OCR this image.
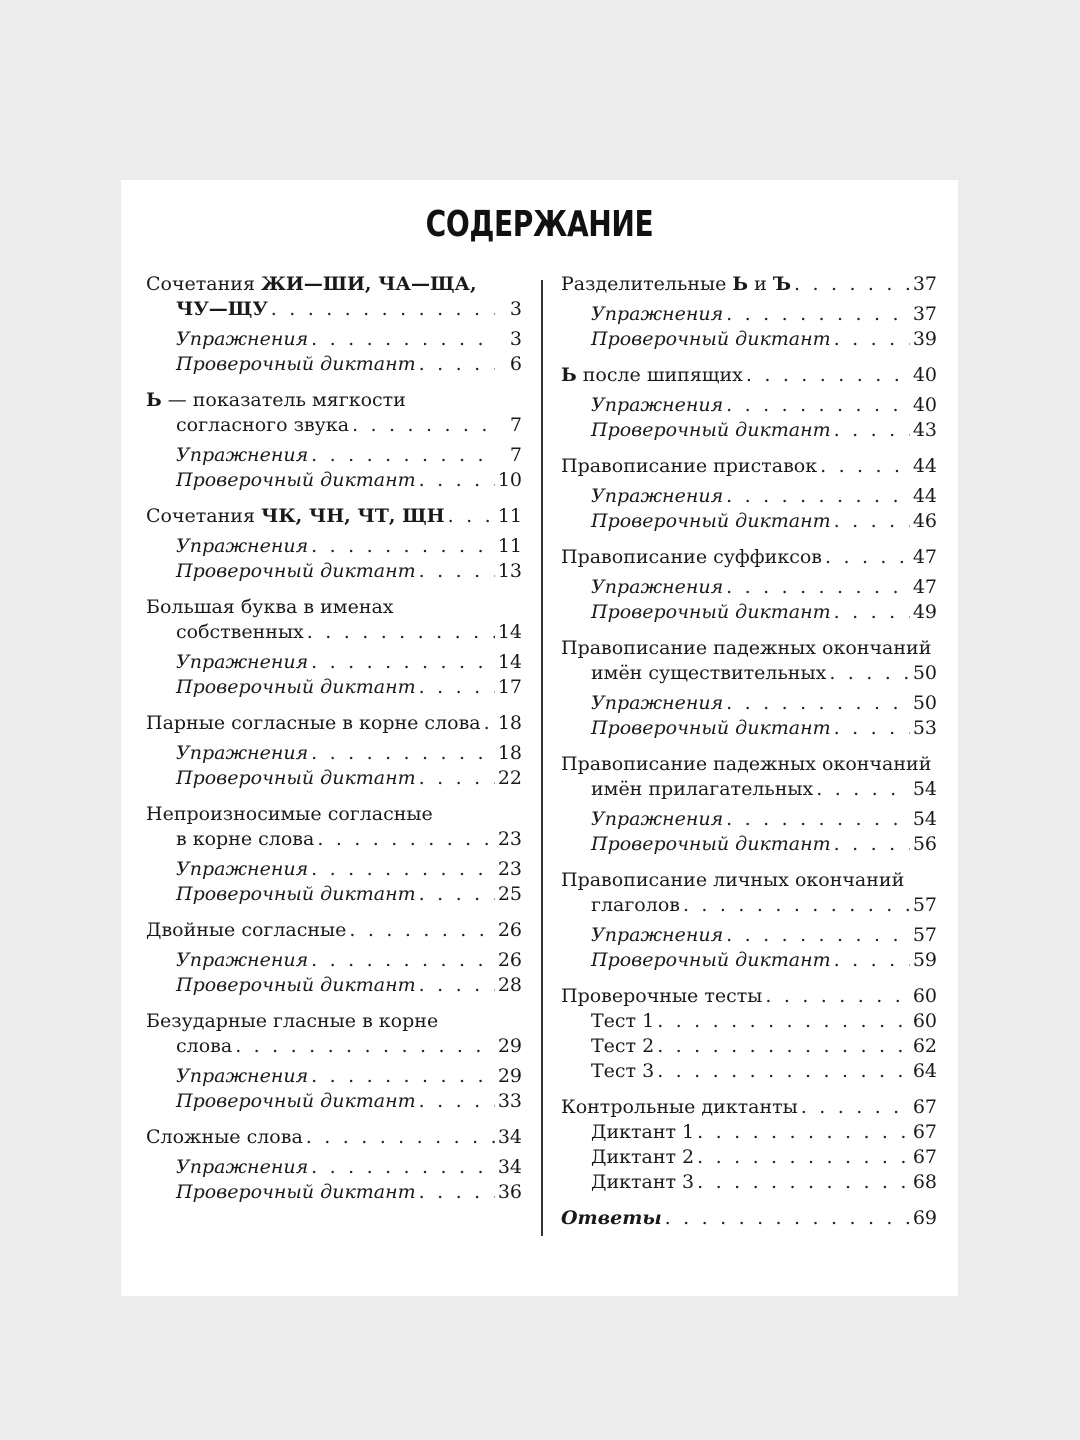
СОДЕРЖАНИЕ
Сочетания ЖИ—ШИ, ЧА—ЩА,
ЧУ—ЩУ . . .	3
Упражнения . . .	3
Проверочный диктант . . .	6
Ь — показатель мягкости
согласного звука . . .	7
Упражнения . . .	7
Проверочный диктант . . .	10
Сочетания ЧК, ЧН, ЧТ, ЩН . . .	11
Упражнения . . .	11
Проверочный диктант . . .	13
Большая буква в именах
собственных . . .	14
Упражнения . . .	14
Проверочный диктант . . .	17
Парные согласные в корне слова . . . 18
Упражнения . . .	18
Проверочный диктант . . .	22
Непроизносимые согласные
в корне слова . . .	23
Упражнения . . .	23
Проверочный диктант . . .	25
Двойные согласные . . .	26
Упражнения . . .	26
Проверочный диктант . . .	28
Безударные гласные в корне
слова . . .	29
Упражнения . . .	29
Проверочный диктант . . .	33
Сложные слова . . .	34
Упражнения . . .	34
Проверочный диктант . . .	36
Разделительные Ь и Ъ . . .	37
Упражнения . . .	37
Проверочный диктант . . .	39
Ь после шипящих . . .	40
Упражнения . . .	40
Проверочный диктант . . .	43
Правописание приставок . . .	44
Упражнения . . .	44
Проверочный диктант . . .	46
Правописание суффиксов . . .	47
Упражнения . . .	47
Проверочный диктант . . .	49
Правописание падежных окончаний
имён существительных . . .	50
Упражнения . . .	50
Проверочный диктант . . .	53
Правописание падежных окончаний
имён прилагательных . . .	54
Упражнения . . .	54
Проверочный диктант . . .	56
Правописание личных окончаний
глаголов . . .	57
Упражнения . . .	57
Проверочный диктант . . .	59
Проверочные тесты . . .	60
Тест 1 . . .	60
Тест 2 . . .	62
Тест 3 . . .	64
Контрольные диктанты . . .	67
Диктант 1 . . .	67
Диктант 2 . . .	67
Диктант 3 . . .	68
Ответы . . .	69
